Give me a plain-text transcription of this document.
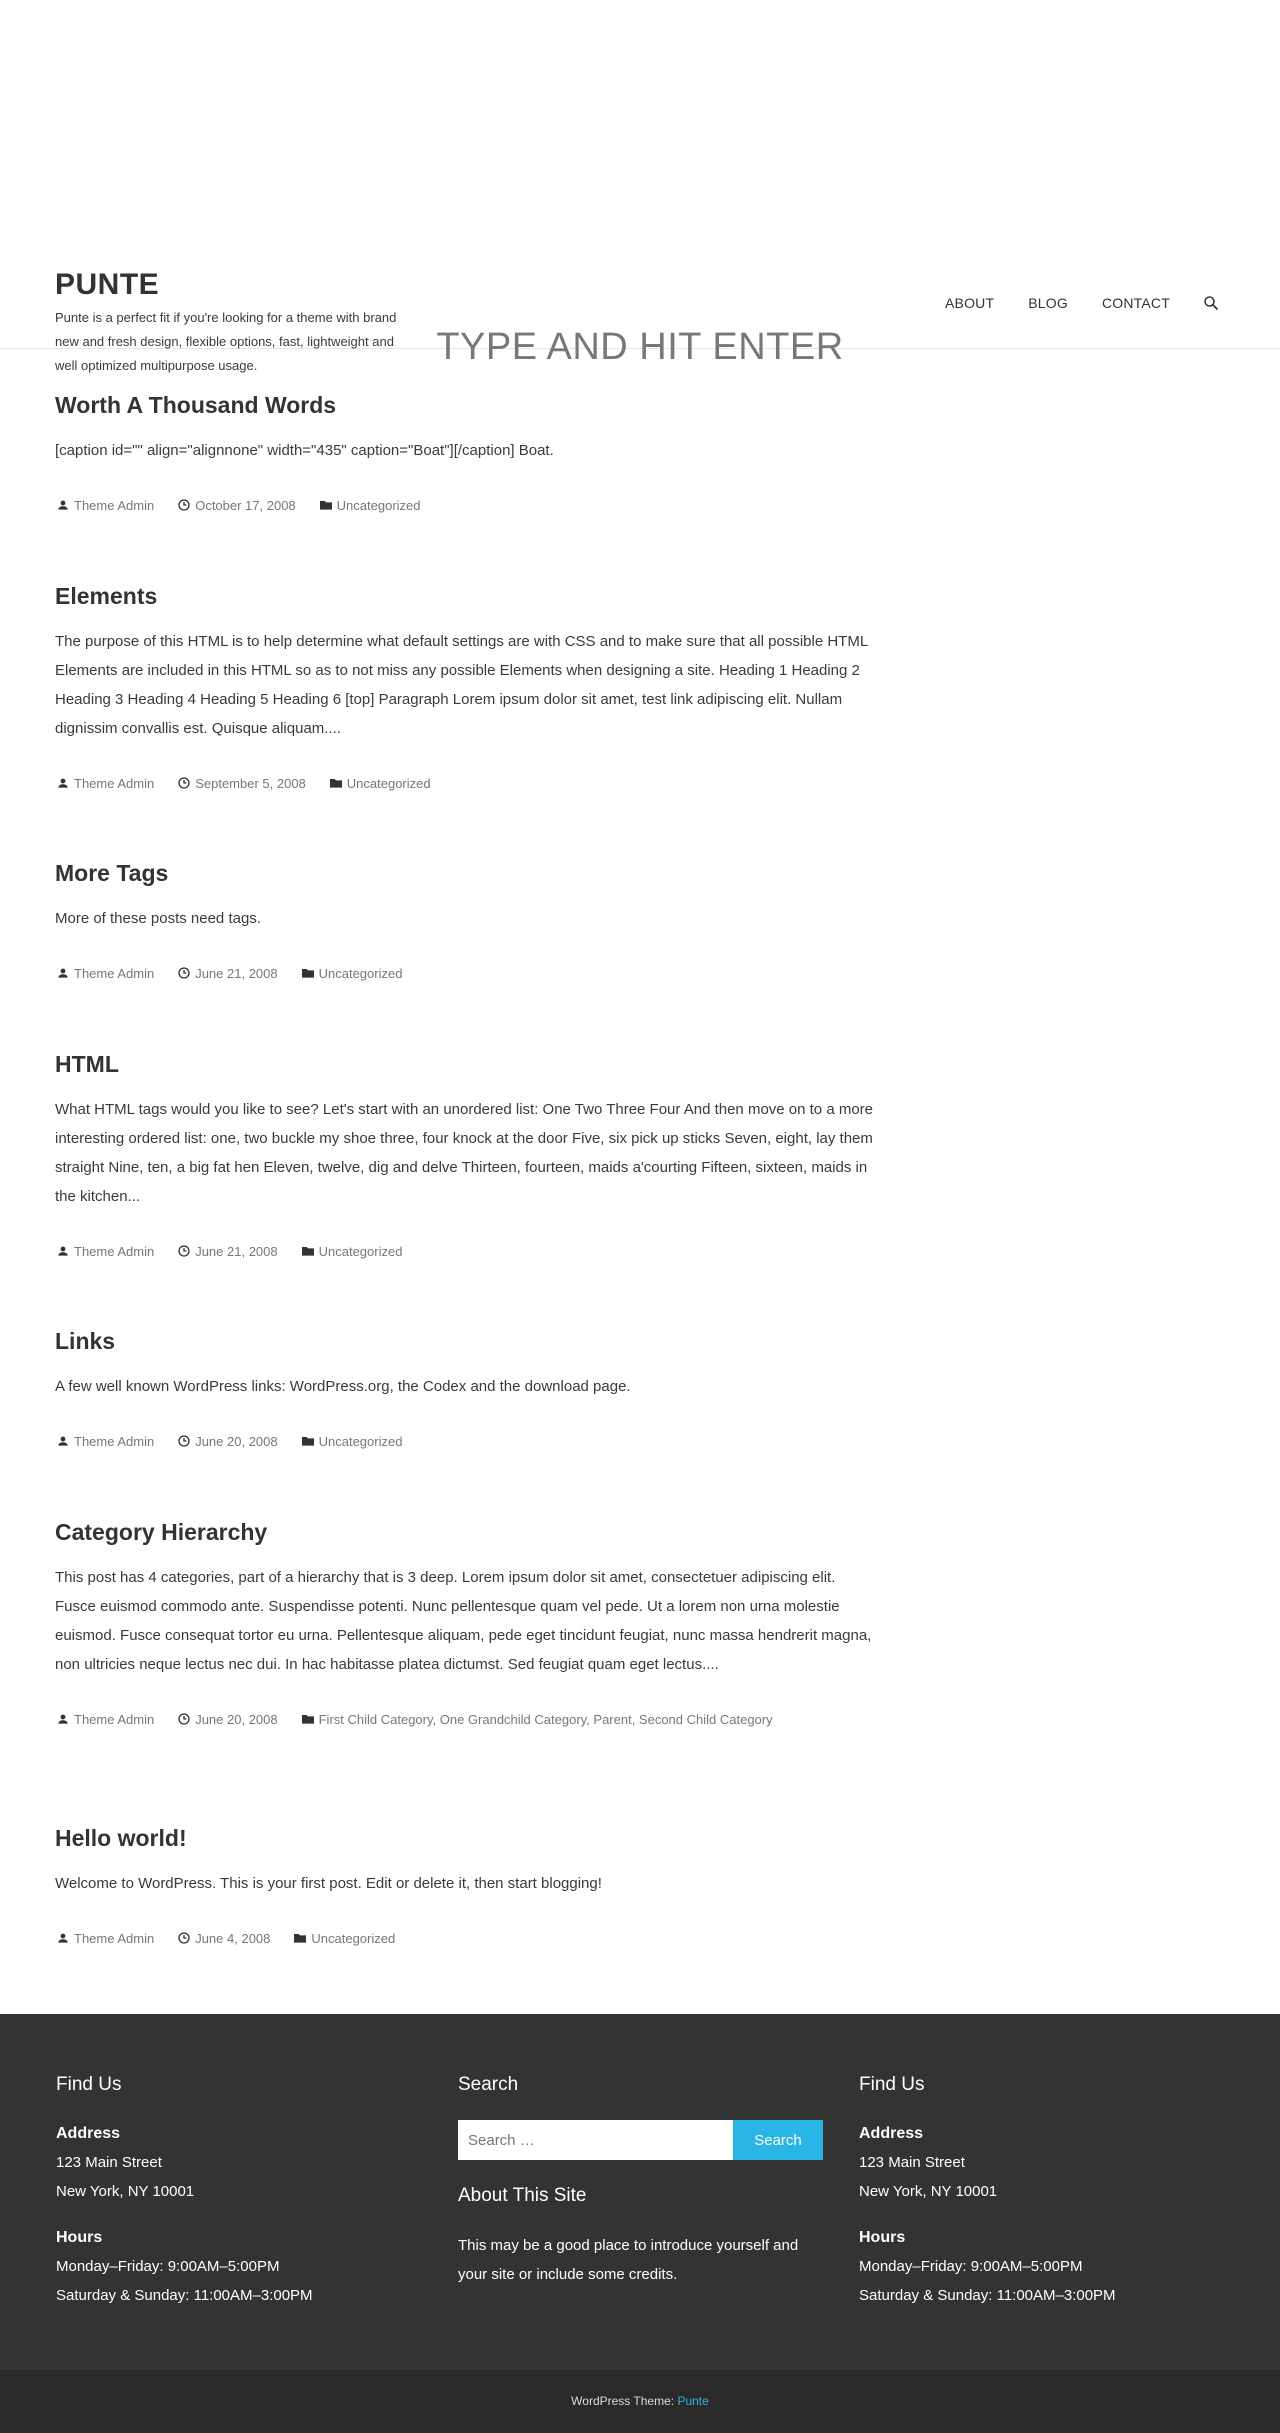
PUNTE
Punte is a perfect fit if you're looking for a theme with brand new and fresh design, flexible options, fast, lightweight and well optimized multipurpose usage.
ABOUT BLOG CONTACT
TYPE AND HIT ENTER
Worth A Thousand Words

[caption id="" align="alignnone" width="435" caption="Boat"][/caption] Boat.

Theme Admin	October 17, 2008	Uncategorized
Elements

The purpose of this HTML is to help determine what default settings are with CSS and to make sure that all possible HTML Elements are included in this HTML so as to not miss any possible Elements when designing a site. Heading 1 Heading 2 Heading 3 Heading 4 Heading 5 Heading 6 [top] Paragraph Lorem ipsum dolor sit amet, test link adipiscing elit. Nullam dignissim convallis est. Quisque aliquam....

Theme Admin	September 5, 2008	Uncategorized
More Tags

More of these posts need tags.

Theme Admin	June 21, 2008	Uncategorized
HTML

What HTML tags would you like to see? Let's start with an unordered list: One Two Three Four And then move on to a more interesting ordered list: one, two buckle my shoe three, four knock at the door Five, six pick up sticks Seven, eight, lay them straight Nine, ten, a big fat hen Eleven, twelve, dig and delve Thirteen, fourteen, maids a'courting Fifteen, sixteen, maids in the kitchen...

Theme Admin	June 21, 2008	Uncategorized
Links

A few well known WordPress links: WordPress.org, the Codex and the download page.

Theme Admin	June 20, 2008	Uncategorized
Category Hierarchy

This post has 4 categories, part of a hierarchy that is 3 deep. Lorem ipsum dolor sit amet, consectetuer adipiscing elit. Fusce euismod commodo ante. Suspendisse potenti. Nunc pellentesque quam vel pede. Ut a lorem non urna molestie euismod. Fusce consequat tortor eu urna. Pellentesque aliquam, pede eget tincidunt feugiat, nunc massa hendrerit magna, non ultricies neque lectus nec dui. In hac habitasse platea dictumst. Sed feugiat quam eget lectus....

Theme Admin	June 20, 2008	First Child Category, One Grandchild Category, Parent, Second Child Category
Hello world!

Welcome to WordPress. This is your first post. Edit or delete it, then start blogging!

Theme Admin	June 4, 2008	Uncategorized
Find Us
Address
123 Main Street
New York, NY 10001
Hours
Monday–Friday: 9:00AM–5:00PM
Saturday & Sunday: 11:00AM–3:00PM
Search
Search …
Search
About This Site

This may be a good place to introduce yourself and your site or include some credits.

Find Us
Address
123 Main Street
New York, NY 10001
Hours
Monday–Friday: 9:00AM–5:00PM
Saturday & Sunday: 11:00AM–3:00PM
WordPress Theme: Punte
